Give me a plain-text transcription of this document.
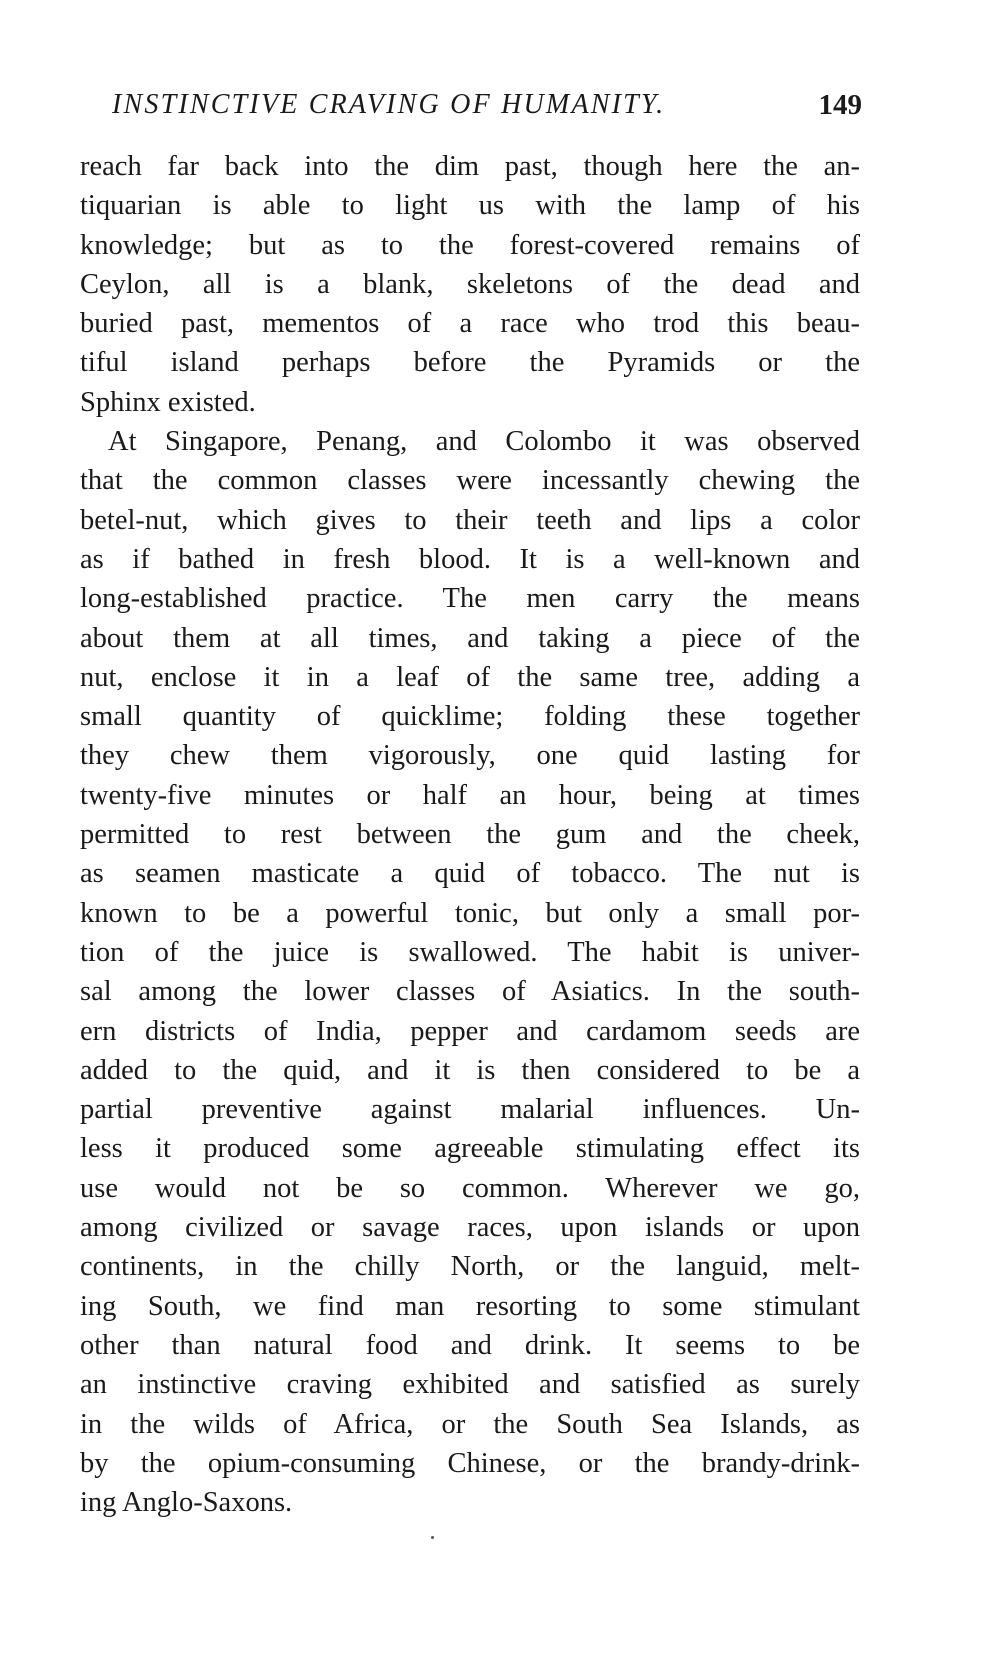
INSTINCTIVE CRAVING OF HUMANITY.	149
reach far back into the dim past, though here the an-
tiquarian is able to light us with the lamp of his
knowledge; but as to the forest-covered remains of
Ceylon, all is a blank, skeletons of the dead and
buried past, mementos of a race who trod this beau-
tiful island perhaps before the Pyramids or the
Sphinx existed.
At Singapore, Penang, and Colombo it was observed
that the common classes were incessantly chewing the
betel-nut, which gives to their teeth and lips a color
as if bathed in fresh blood. It is a well-known and
long-established practice. The men carry the means
about them at all times, and taking a piece of the
nut, enclose it in a leaf of the same tree, adding a
small quantity of quicklime; folding these together
they chew them vigorously, one quid lasting for
twenty-five minutes or half an hour, being at times
permitted to rest between the gum and the cheek,
as seamen masticate a quid of tobacco. The nut is
known to be a powerful tonic, but only a small por-
tion of the juice is swallowed. The habit is univer-
sal among the lower classes of Asiatics. In the south-
ern districts of India, pepper and cardamom seeds are
added to the quid, and it is then considered to be a
partial preventive against malarial influences. Un-
less it produced some agreeable stimulating effect its
use would not be so common. Wherever we go,
among civilized or savage races, upon islands or upon
continents, in the chilly North, or the languid, melt-
ing South, we find man resorting to some stimulant
other than natural food and drink. It seems to be
an instinctive craving exhibited and satisfied as surely
in the wilds of Africa, or the South Sea Islands, as
by the opium-consuming Chinese, or the brandy-drink-
ing Anglo-Saxons.
